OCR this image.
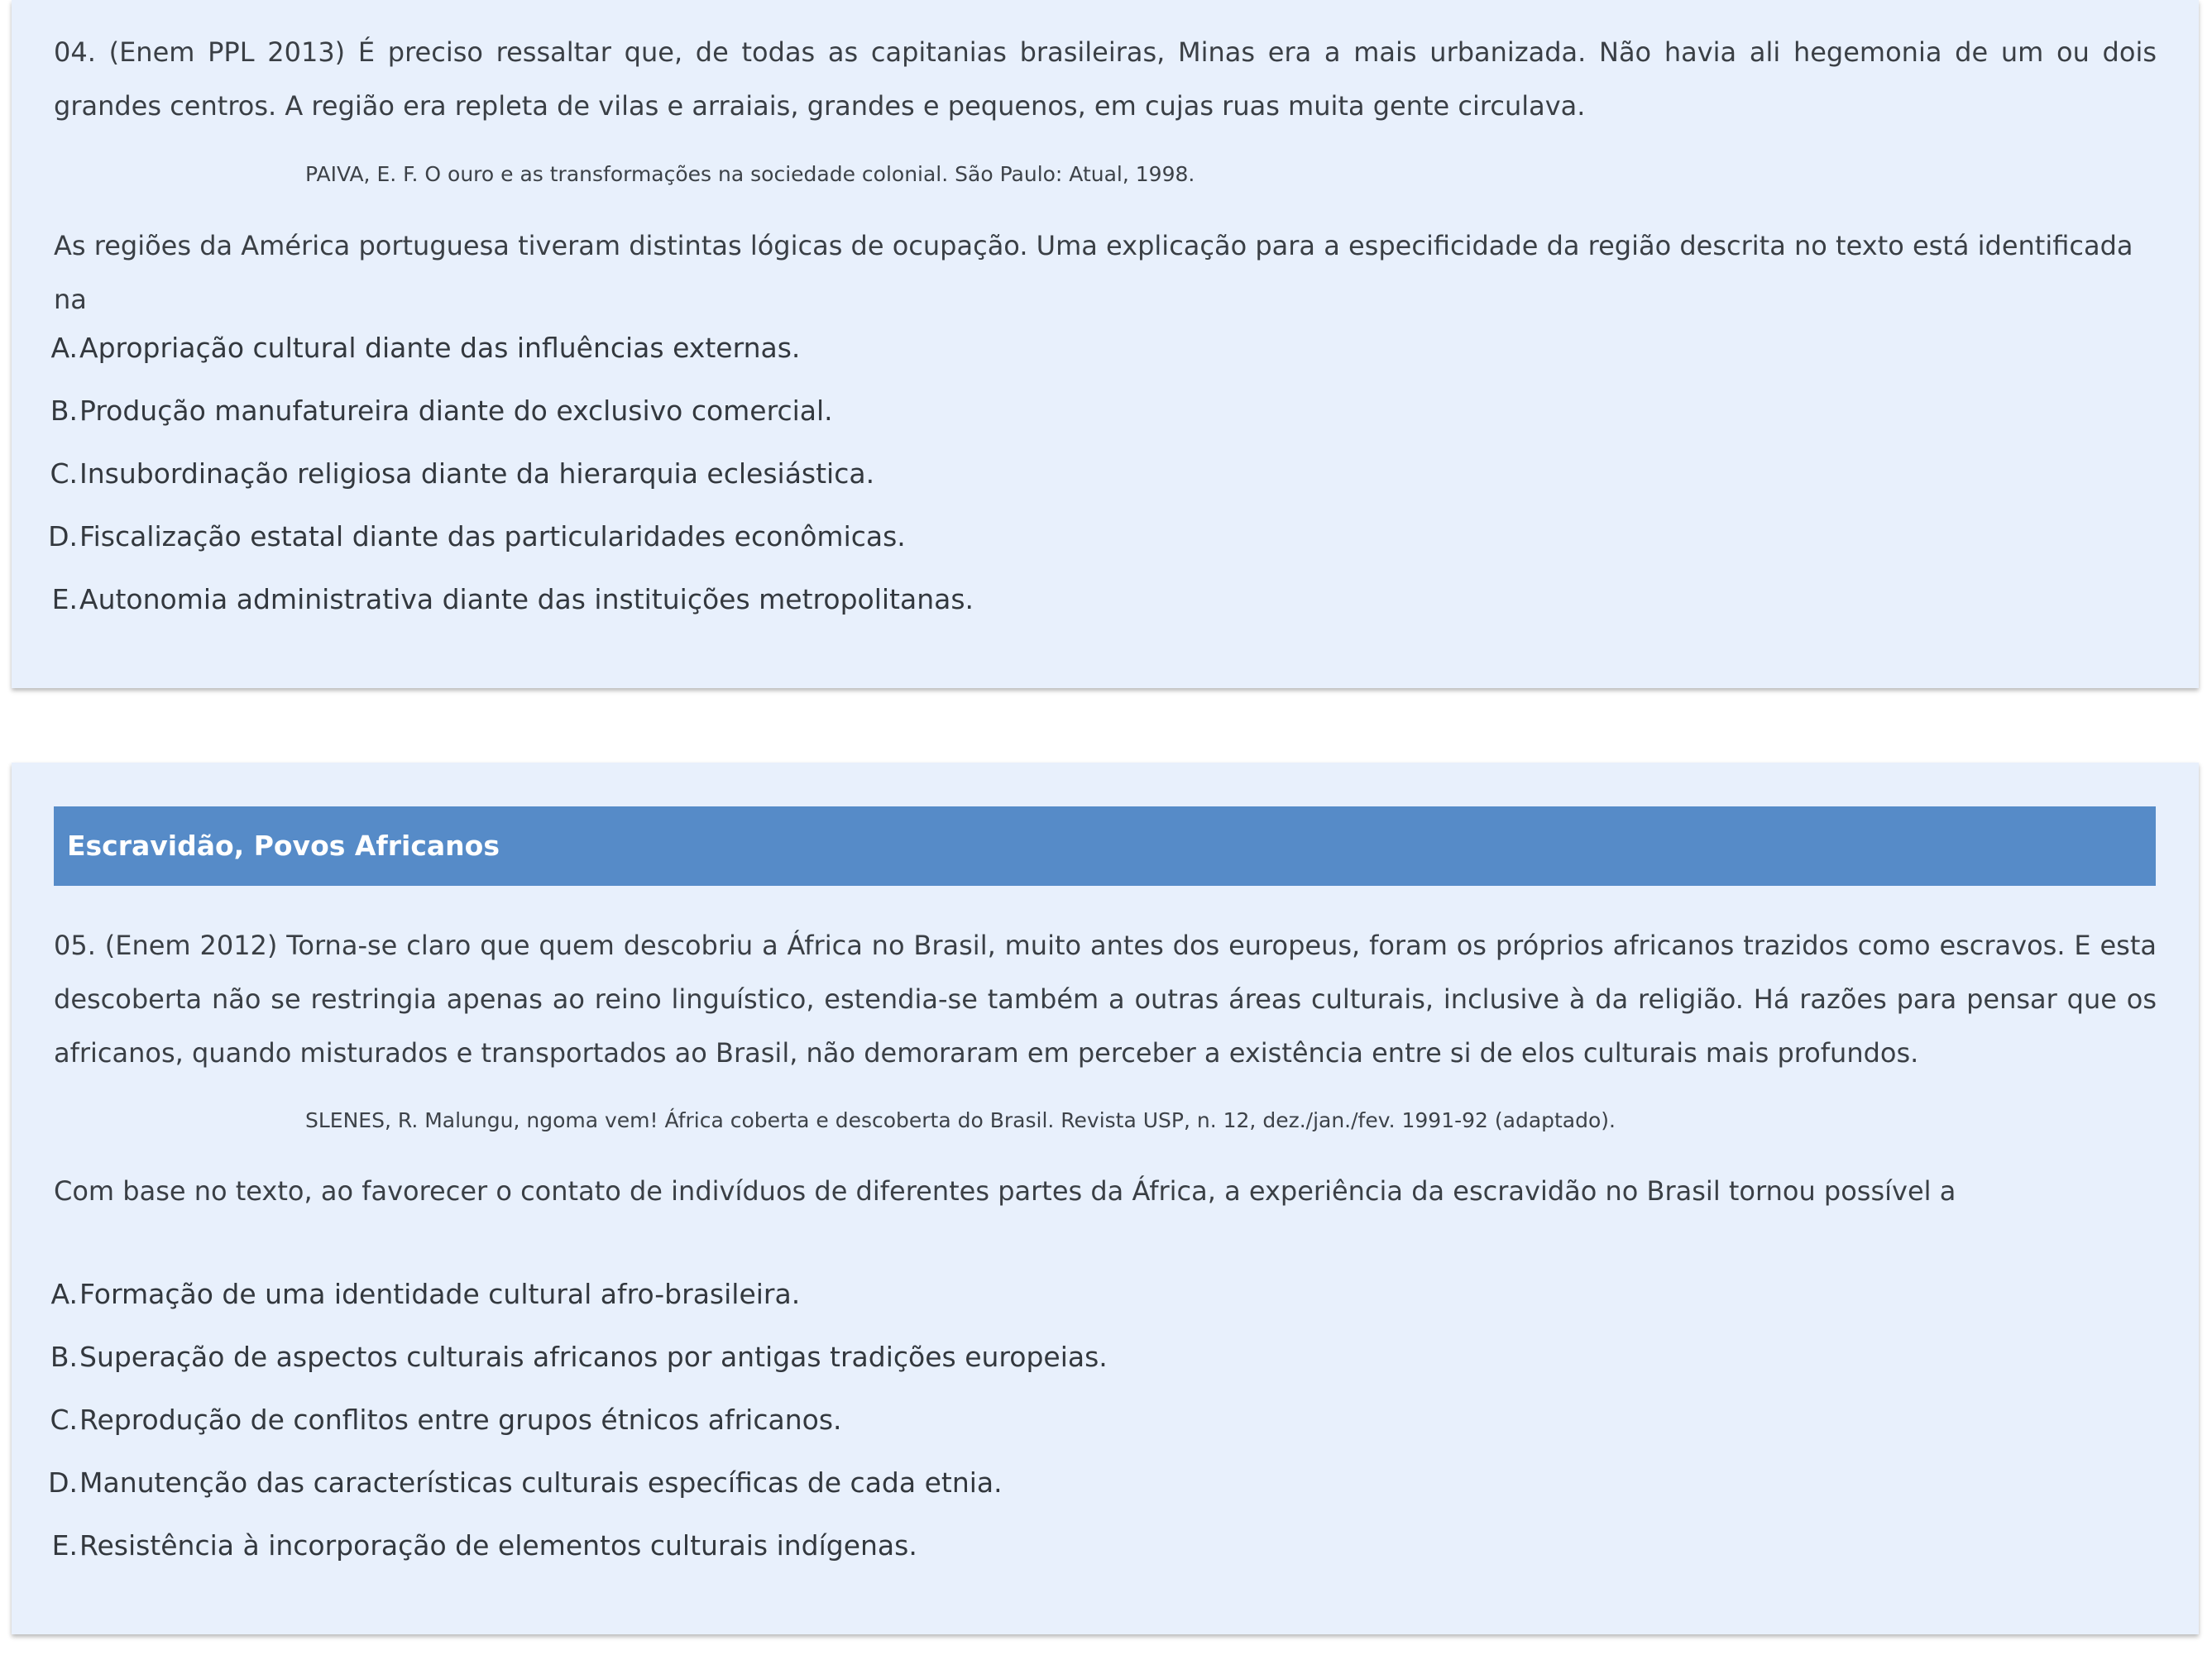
04. (Enem PPL 2013) É preciso ressaltar que, de todas as capitanias brasileiras, Minas era a mais urbanizada. Não havia ali hegemonia de um ou dois grandes centros. A região era repleta de vilas e arraiais, grandes e pequenos, em cujas ruas muita gente circulava.

PAIVA, E. F. O ouro e as transformações na sociedade colonial. São Paulo: Atual, 1998.

As regiões da América portuguesa tiveram distintas lógicas de ocupação. Uma explicação para a especificidade da região descrita no texto está identificada na

A.Apropriação cultural diante das influências externas.
B.Produção manufatureira diante do exclusivo comercial.
C.Insubordinação religiosa diante da hierarquia eclesiástica.
D.Fiscalização estatal diante das particularidades econômicas.
E.Autonomia administrativa diante das instituições metropolitanas.
Escravidão, Povos Africanos

05. (Enem 2012) Torna-se claro que quem descobriu a África no Brasil, muito antes dos europeus, foram os próprios africanos trazidos como escravos. E esta descoberta não se restringia apenas ao reino linguístico, estendia-se também a outras áreas culturais, inclusive à da religião. Há razões para pensar que os africanos, quando misturados e transportados ao Brasil, não demoraram em perceber a existência entre si de elos culturais mais profundos.

SLENES, R. Malungu, ngoma vem! África coberta e descoberta do Brasil. Revista USP, n. 12, dez./jan./fev. 1991-92 (adaptado).

Com base no texto, ao favorecer o contato de indivíduos de diferentes partes da África, a experiência da escravidão no Brasil tornou possível a

A.Formação de uma identidade cultural afro-brasileira.
B.Superação de aspectos culturais africanos por antigas tradições europeias.
C.Reprodução de conflitos entre grupos étnicos africanos.
D.Manutenção das características culturais específicas de cada etnia.
E.Resistência à incorporação de elementos culturais indígenas.
